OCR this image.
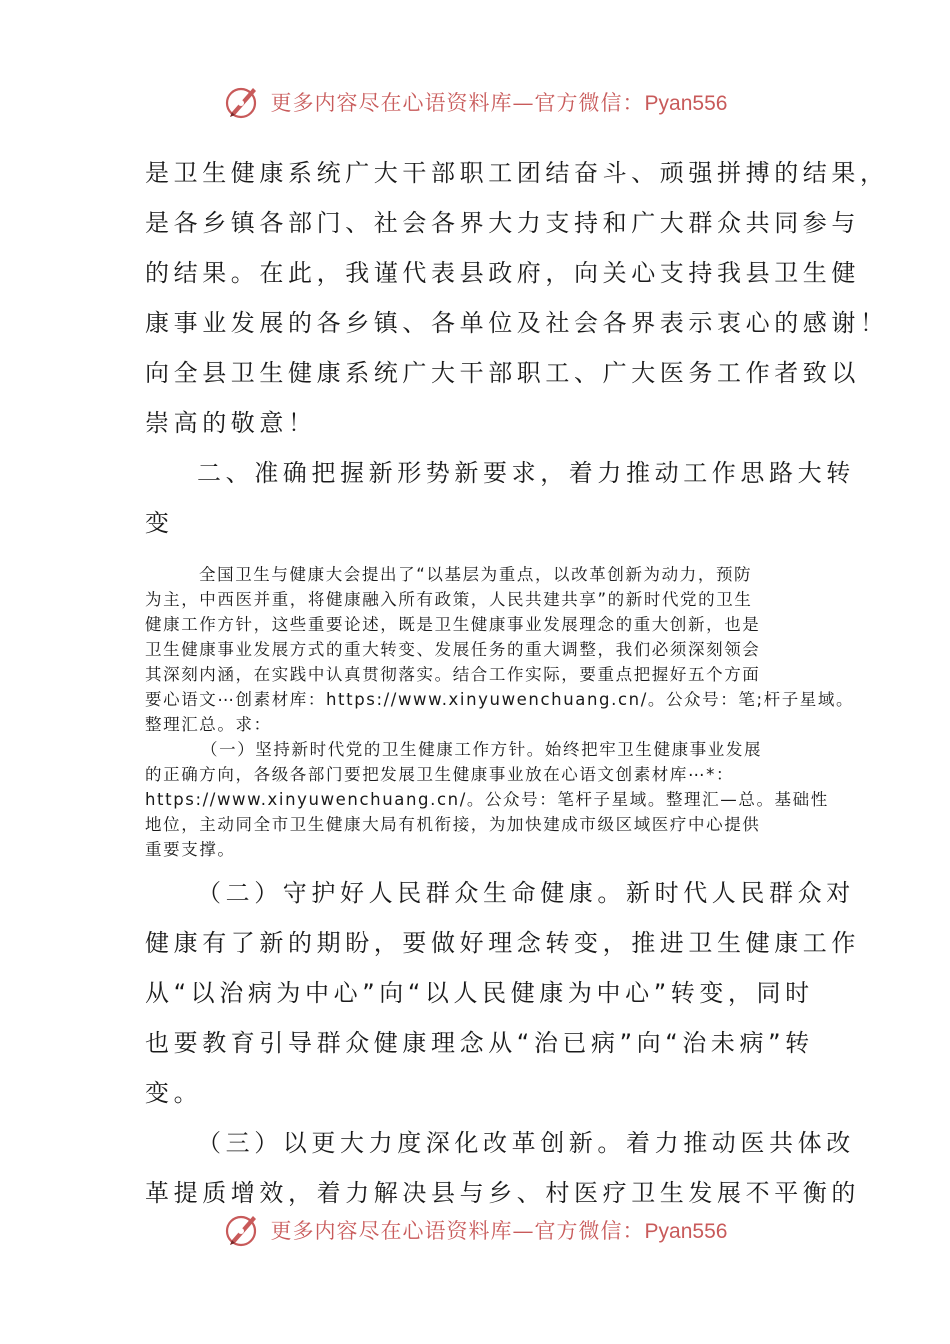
更多内容尽在心语资料库—官方微信：Pyan556

是卫生健康系统广大干部职工团结奋斗、顽强拼搏的结果，

是各乡镇各部门、社会各界大力支持和广大群众共同参与

的结果。在此，我谨代表县政府，向关心支持我县卫生健

康事业发展的各乡镇、各单位及社会各界表示衷心的感谢！

向全县卫生健康系统广大干部职工、广大医务工作者致以

崇高的敬意！

二、准确把握新形势新要求，着力推动工作思路大转

变

全国卫生与健康大会提出了“以基层为重点，以改革创新为动力，预防

为主，中西医并重，将健康融入所有政策，人民共建共享”的新时代党的卫生

健康工作方针，这些重要论述，既是卫生健康事业发展理念的重大创新，也是

卫生健康事业发展方式的重大转变、发展任务的重大调整，我们必须深刻领会

其深刻内涵，在实践中认真贯彻落实。结合工作实际，要重点把握好五个方面

要心语文⋯创素材库：https://www.xinyuwenchuang.cn/。公众号：笔;杆子星域。

整理汇总。求：

（一）坚持新时代党的卫生健康工作方针。始终把牢卫生健康事业发展

的正确方向，各级各部门要把发展卫生健康事业放在心语文创素材库⋯*：

https://www.xinyuwenchuang.cn/。公众号：笔杆子星域。整理汇—总。基础性

地位，主动同全市卫生健康大局有机衔接，为加快建成市级区域医疗中心提供

重要支撑。

（二）守护好人民群众生命健康。新时代人民群众对

健康有了新的期盼，要做好理念转变，推进卫生健康工作

从“以治病为中心”向“以人民健康为中心”转变，同时

也要教育引导群众健康理念从“治已病”向“治未病”转

变。

（三）以更大力度深化改革创新。着力推动医共体改

革提质增效，着力解决县与乡、村医疗卫生发展不平衡的

更多内容尽在心语资料库—官方微信：Pyan556
